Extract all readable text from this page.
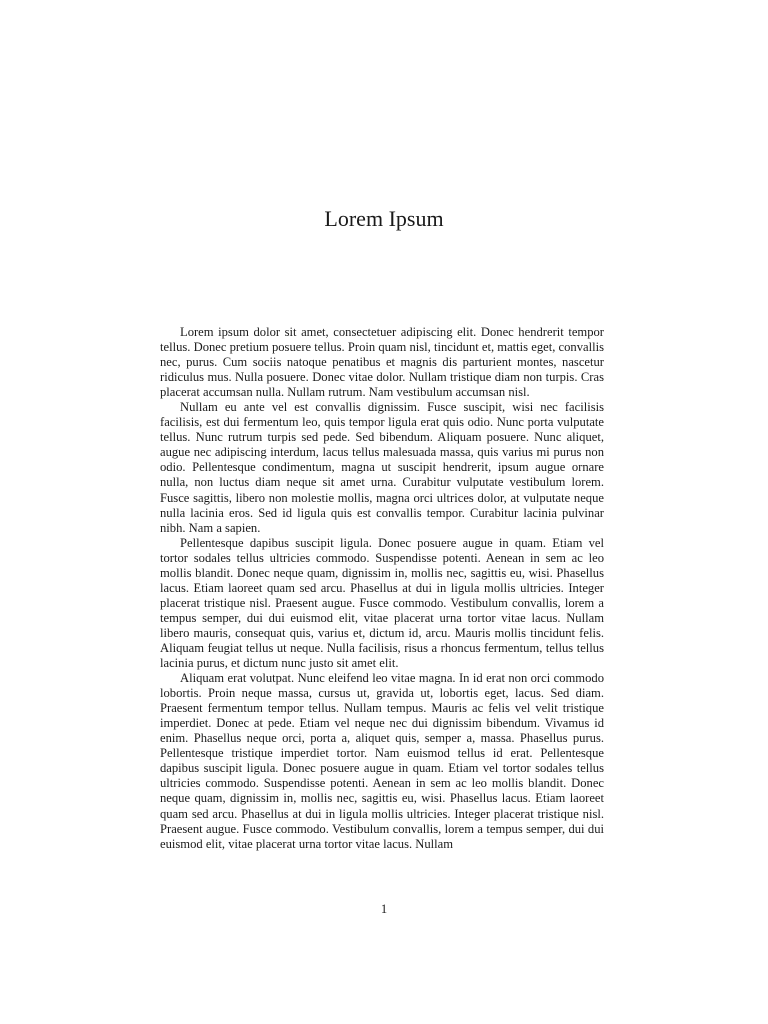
Lorem Ipsum

Lorem ipsum dolor sit amet, consectetuer adipiscing elit. Donec hendrerit tempor tellus. Donec pretium posuere tellus. Proin quam nisl, tincidunt et, mattis eget, convallis nec, purus. Cum sociis natoque penatibus et magnis dis parturient montes, nascetur ridiculus mus. Nulla posuere. Donec vitae dolor. Nullam tristique diam non turpis. Cras placerat accumsan nulla. Nullam rutrum. Nam vestibulum accumsan nisl.

Nullam eu ante vel est convallis dignissim. Fusce suscipit, wisi nec facilisis facilisis, est dui fermentum leo, quis tempor ligula erat quis odio. Nunc porta vulputate tellus. Nunc rutrum turpis sed pede. Sed bibendum. Aliquam posuere. Nunc aliquet, augue nec adipiscing interdum, lacus tellus malesuada massa, quis varius mi purus non odio. Pellentesque condimentum, magna ut suscipit hendrerit, ipsum augue ornare nulla, non luctus diam neque sit amet urna. Curabitur vulputate vestibulum lorem. Fusce sagittis, libero non molestie mollis, magna orci ultrices dolor, at vulputate neque nulla lacinia eros. Sed id ligula quis est convallis tempor. Curabitur lacinia pulvinar nibh. Nam a sapien.

Pellentesque dapibus suscipit ligula. Donec posuere augue in quam. Etiam vel tortor sodales tellus ultricies commodo. Suspendisse potenti. Aenean in sem ac leo mollis blandit. Donec neque quam, dignissim in, mollis nec, sagittis eu, wisi. Phasellus lacus. Etiam laoreet quam sed arcu. Phasellus at dui in ligula mollis ultricies. Integer placerat tristique nisl. Praesent augue. Fusce commodo. Vestibulum convallis, lorem a tempus semper, dui dui euismod elit, vitae placerat urna tortor vitae lacus. Nullam libero mauris, consequat quis, varius et, dictum id, arcu. Mauris mollis tincidunt felis. Aliquam feugiat tellus ut neque. Nulla facilisis, risus a rhoncus fermentum, tellus tellus lacinia purus, et dictum nunc justo sit amet elit.

Aliquam erat volutpat. Nunc eleifend leo vitae magna. In id erat non orci commodo lobortis. Proin neque massa, cursus ut, gravida ut, lobortis eget, lacus. Sed diam. Praesent fermentum tempor tellus. Nullam tempus. Mauris ac felis vel velit tristique imperdiet. Donec at pede. Etiam vel neque nec dui dignissim bibendum. Vivamus id enim. Phasellus neque orci, porta a, aliquet quis, semper a, massa. Phasellus purus. Pellentesque tristique imperdiet tortor. Nam euismod tellus id erat. Pellentesque dapibus suscipit ligula. Donec posuere augue in quam. Etiam vel tortor sodales tellus ultricies commodo. Suspendisse potenti. Aenean in sem ac leo mollis blandit. Donec neque quam, dignissim in, mollis nec, sagittis eu, wisi. Phasellus lacus. Etiam laoreet quam sed arcu. Phasellus at dui in ligula mollis ultricies. Integer placerat tristique nisl. Praesent augue. Fusce commodo. Vestibulum convallis, lorem a tempus semper, dui dui euismod elit, vitae placerat urna tortor vitae lacus. Nullam

1
